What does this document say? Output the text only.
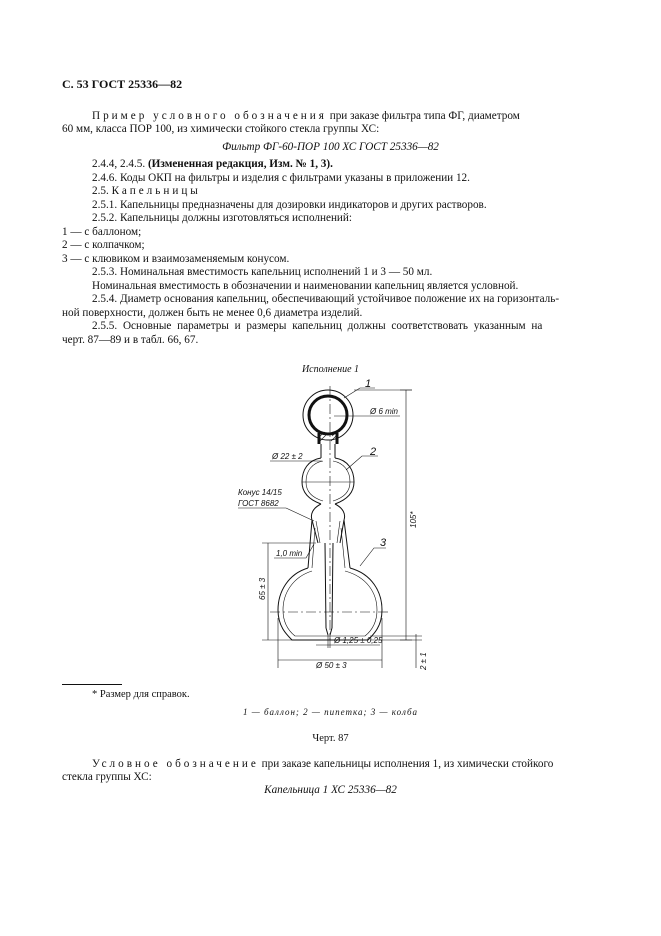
С. 53 ГОСТ 25336—82
Пример условного обозначения при заказе фильтра типа ФГ, диаметром
60 мм, класса ПОР 100, из химически стойкого стекла группы ХС:
Фильтр ФГ-60-ПОР 100 ХС ГОСТ 25336—82
2.4.4, 2.4.5. (Измененная редакция, Изм. № 1, 3).
2.4.6. Коды ОКП на фильтры и изделия с фильтрами указаны в приложении 12.
2.5. Капельницы
2.5.1. Капельницы предназначены для дозировки индикаторов и других растворов.
2.5.2. Капельницы должны изготовляться исполнений:
1 — с баллоном;
2 — с колпачком;
3 — с клювиком и взаимозаменяемым конусом.
2.5.3. Номинальная вместимость капельниц исполнений 1 и 3 — 50 мл.
Номинальная вместимость в обозначении и наименовании капельниц является условной.
2.5.4. Диаметр основания капельниц, обеспечивающий устойчивое положение их на горизонталь-
ной поверхности, должен быть не менее 0,6 диаметра изделий.
2.5.5. Основные параметры и размеры капельниц должны соответствовать указанным на
черт. 87—89 и в табл. 66, 67.
Исполнение 1
1
Ø 6 min
2
Ø 22 ± 2
Конус 14/15
ГОСТ 8682
1,0 min
3
105*
65 ± 3
Ø 1,25 ± 0,25
2 ± 1
Ø 50 ± 3
* Размер для справок.
1 — баллон; 2 — пипетка; 3 — колба
Черт. 87
Условное обозначение при заказе капельницы исполнения 1, из химически стойкого
стекла группы ХС:
Капельница 1 ХС 25336—82
